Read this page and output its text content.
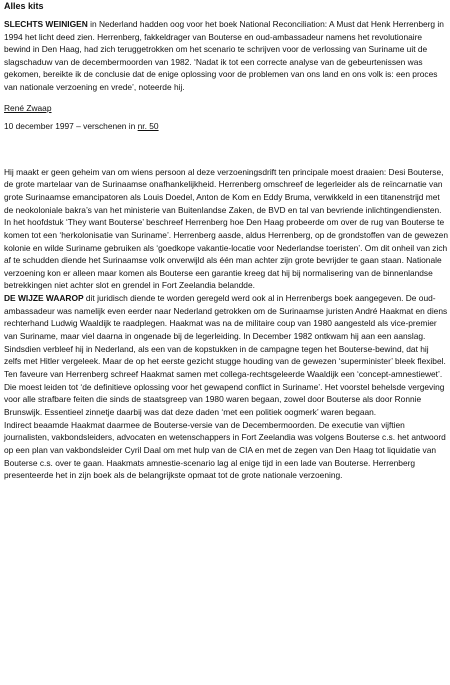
Alles kits

SLECHTS WEINIGEN in Nederland hadden oog voor het boek National Reconciliation: A Must dat Henk Herrenberg in 1994 het licht deed zien. Herrenberg, fakkeldrager van Bouterse en oud-ambassadeur namens het revolutionaire bewind in Den Haag, had zich teruggetrokken om het scenario te schrijven voor de verlossing van Suriname uit de slagschaduw van de decembermoorden van 1982. ‘Nadat ik tot een correcte analyse van de gebeurtenissen was gekomen, bereikte ik de conclusie dat de enige oplossing voor de problemen van ons land en ons volk is: een proces van nationale verzoening en vrede’, noteerde hij.

René Zwaap
10 december 1997 – verschenen in nr. 50

Hij maakt er geen geheim van om wiens persoon al deze verzoeningsdrift ten principale moest draaien: Desi Bouterse, de grote martelaar van de Surinaamse onafhankelijkheid. Herrenberg omschreef de legerleider als de reïncarnatie van grote Surinaamse emancipatoren als Louis Doedel, Anton de Kom en Eddy Bruma, verwikkeld in een titanenstrijd met de neokoloniale bakra’s van het ministerie van Buitenlandse Zaken, de BVD en tal van bevriende inlichtingendiensten. In het hoofdstuk ‘They want Bouterse’ beschreef Herrenberg hoe Den Haag probeerde om over de rug van Bouterse te komen tot een ‘herkolonisatie van Suriname’. Herrenberg aasde, aldus Herrenberg, op de grondstoffen van de gewezen kolonie en wilde Suriname gebruiken als ‘goedkope vakantie-locatie voor Nederlandse toeristen’. Om dit onheil van zich af te schudden diende het Surinaamse volk onverwijld als één man achter zijn grote bevrijder te gaan staan. Nationale verzoening kon er alleen maar komen als Bouterse een garantie kreeg dat hij bij normalisering van de binnenlandse betrekkingen niet achter slot en grendel in Fort Zeelandia belandde.

DE WIJZE WAAROP dit juridisch diende te worden geregeld werd ook al in Herrenbergs boek aangegeven. De oud-ambassadeur was namelijk even eerder naar Nederland getrokken om de Surinaamse juristen André Haakmat en diens rechterhand Ludwig Waaldijk te raadplegen. Haakmat was na de militaire coup van 1980 aangesteld als vice-premier van Suriname, maar viel daarna in ongenade bij de legerleiding. In December 1982 ontkwam hij aan een aanslag. Sindsdien verbleef hij in Nederland, als een van de kopstukken in de campagne tegen het Bouterse-bewind, dat hij zelfs met Hitler vergeleek. Maar de op het eerste gezicht stugge houding van de gewezen ‘superminister’ bleek flexibel.

Ten faveure van Herrenberg schreef Haakmat samen met collega-rechtsgeleerde Waaldijk een ‘concept-amnestiewet’. Die moest leiden tot ‘de definitieve oplossing voor het gewapend conflict in Suriname’. Het voorstel behelsde vergeving voor alle strafbare feiten die sinds de staatsgreep van 1980 waren begaan, zowel door Bouterse als door Ronnie Brunswijk. Essentieel zinnetje daarbij was dat deze daden ‘met een politiek oogmerk’ waren begaan.

Indirect beaamde Haakmat daarmee de Bouterse-versie van de Decembermoorden. De executie van vijftien journalisten, vakbondsleiders, advocaten en wetenschappers in Fort Zeelandia was volgens Bouterse c.s. het antwoord op een plan van vakbondsleider Cyril Daal om met hulp van de CIA en met de zegen van Den Haag tot liquidatie van Bouterse c.s. over te gaan. Haakmats amnestie-scenario lag al enige tijd in een lade van Bouterse. Herrenberg presenteerde het in zijn boek als de belangrijkste opmaat tot de grote nationale verzoening.
